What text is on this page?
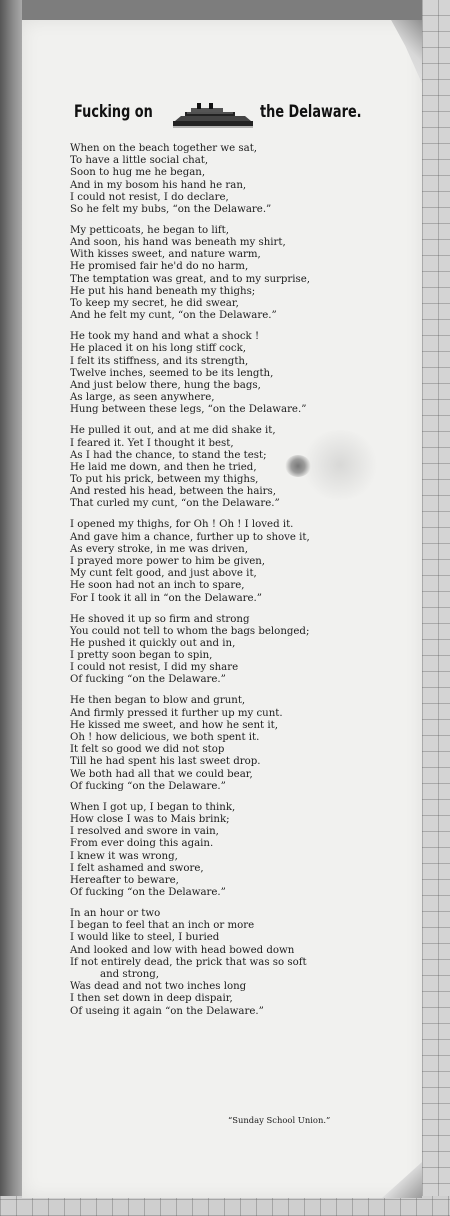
Fucking on	the Delaware.
When on the beach together we sat,
To have a little social chat,
Soon to hug me he began,
And in my bosom his hand he ran,
I could not resist, I do declare,
So he felt my bubs, “on the Delaware.”
My petticoats, he began to lift,
And soon, his hand was beneath my shirt,
With kisses sweet, and nature warm,
He promised fair he'd do no harm,
The temptation was great, and to my surprise,
He put his hand beneath my thighs;
To keep my secret, he did swear,
And he felt my cunt, “on the Delaware.”
He took my hand and what a shock !
He placed it on his long stiff cock,
I felt its stiffness, and its strength,
Twelve inches, seemed to be its length,
And just below there, hung the bags,
As large, as seen anywhere,
Hung between these legs, “on the Delaware.”
He pulled it out, and at me did shake it,
I feared it. Yet I thought it best,
As I had the chance, to stand the test;
He laid me down, and then he tried,
To put his prick, between my thighs,
And rested his head, between the hairs,
That curled my cunt, “on the Delaware.”
I opened my thighs, for Oh ! Oh ! I loved it.
And gave him a chance, further up to shove it,
As every stroke, in me was driven,
I prayed more power to him be given,
My cunt felt good, and just above it,
He soon had not an inch to spare,
For I took it all in “on the Delaware.”
He shoved it up so firm and strong
You could not tell to whom the bags belonged;
He pushed it quickly out and in,
I pretty soon began to spin,
I could not resist, I did my share
Of fucking “on the Delaware.”
He then began to blow and grunt,
And firmly pressed it further up my cunt.
He kissed me sweet, and how he sent it,
Oh ! how delicious, we both spent it.
It felt so good we did not stop
Till he had spent his last sweet drop.
We both had all that we could bear,
Of fucking “on the Delaware.”
When I got up, I began to think,
How close I was to Mais brink;
I resolved and swore in vain,
From ever doing this again.
I knew it was wrong,
I felt ashamed and swore,
Hereafter to beware,
Of fucking “on the Delaware.”
In an hour or two
I began to feel that an inch or more
I would like to steel, I buried
And looked and low with head bowed down
If not entirely dead, the prick that was so soft
and strong,
Was dead and not two inches long
I then set down in deep dispair,
Of useing it again “on the Delaware.”
“Sunday School Union.”
